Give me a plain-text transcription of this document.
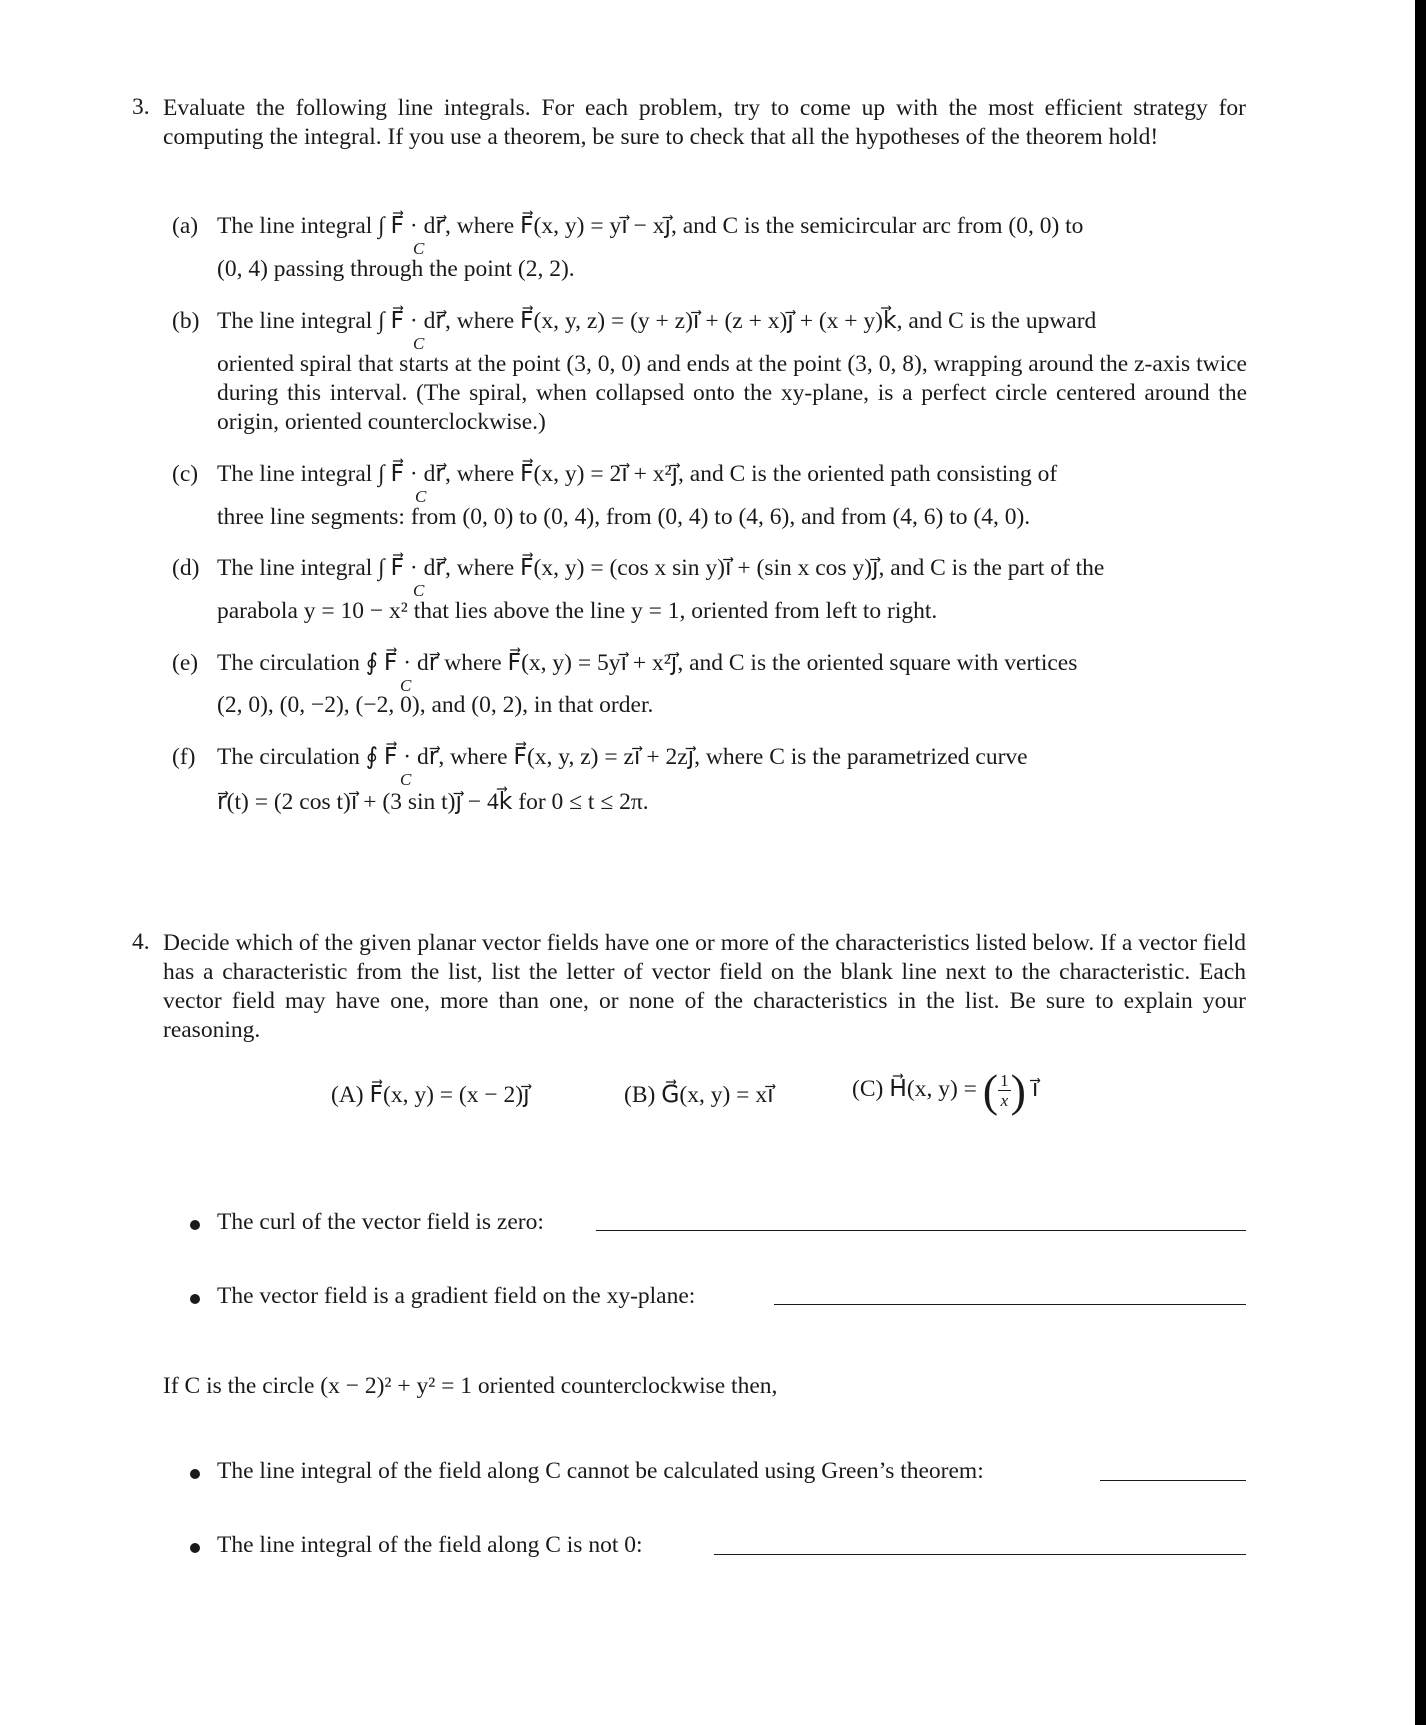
3. Evaluate the following line integrals. For each problem, try to come up with the most efficient strategy for computing the integral. If you use a theorem, be sure to check that all the hypotheses of the theorem hold!
(a) The line integral ∫ F⃗ · dr⃗, where F⃗(x, y) = yi⃗ − xj⃗, and C is the semicircular arc from (0, 0) to
C
(0, 4) passing through the point (2, 2).
(b) The line integral ∫ F⃗ · dr⃗, where F⃗(x, y, z) = (y + z)i⃗ + (z + x)j⃗ + (x + y)k⃗, and C is the upward
C
oriented spiral that starts at the point (3, 0, 0) and ends at the point (3, 0, 8), wrapping around the z-axis twice during this interval. (The spiral, when collapsed onto the xy-plane, is a perfect circle centered around the origin, oriented counterclockwise.)
(c) The line integral ∫ F⃗ · dr⃗, where F⃗(x, y) = 2i⃗ + x²j⃗, and C is the oriented path consisting of
C
three line segments: from (0, 0) to (0, 4), from (0, 4) to (4, 6), and from (4, 6) to (4, 0).
(d) The line integral ∫ F⃗ · dr⃗, where F⃗(x, y) = (cos x sin y)i⃗ + (sin x cos y)j⃗, and C is the part of the
C
parabola y = 10 − x² that lies above the line y = 1, oriented from left to right.
(e) The circulation ∮ F⃗ · dr⃗ where F⃗(x, y) = 5yi⃗ + x²j⃗, and C is the oriented square with vertices
C
(2, 0), (0, −2), (−2, 0), and (0, 2), in that order.
(f) The circulation ∮ F⃗ · dr⃗, where F⃗(x, y, z) = zi⃗ + 2zj⃗, where C is the parametrized curve
C
r⃗(t) = (2 cos t)i⃗ + (3 sin t)j⃗ − 4k⃗ for 0 ≤ t ≤ 2π.
4. Decide which of the given planar vector fields have one or more of the characteristics listed below. If a vector field has a characteristic from the list, list the letter of vector field on the blank line next to the characteristic. Each vector field may have one, more than one, or none of the characteristics in the list. Be sure to explain your reasoning.
(A) F⃗(x, y) = (x − 2)j⃗	(B) G⃗(x, y) = xi⃗	(C) H⃗(x, y) = ( $\frac{1}{x}$ ) i⃗
The curl of the vector field is zero:
The vector field is a gradient field on the xy-plane:
If C is the circle (x − 2)² + y² = 1 oriented counterclockwise then,
The line integral of the field along C cannot be calculated using Green’s theorem:
The line integral of the field along C is not 0:
